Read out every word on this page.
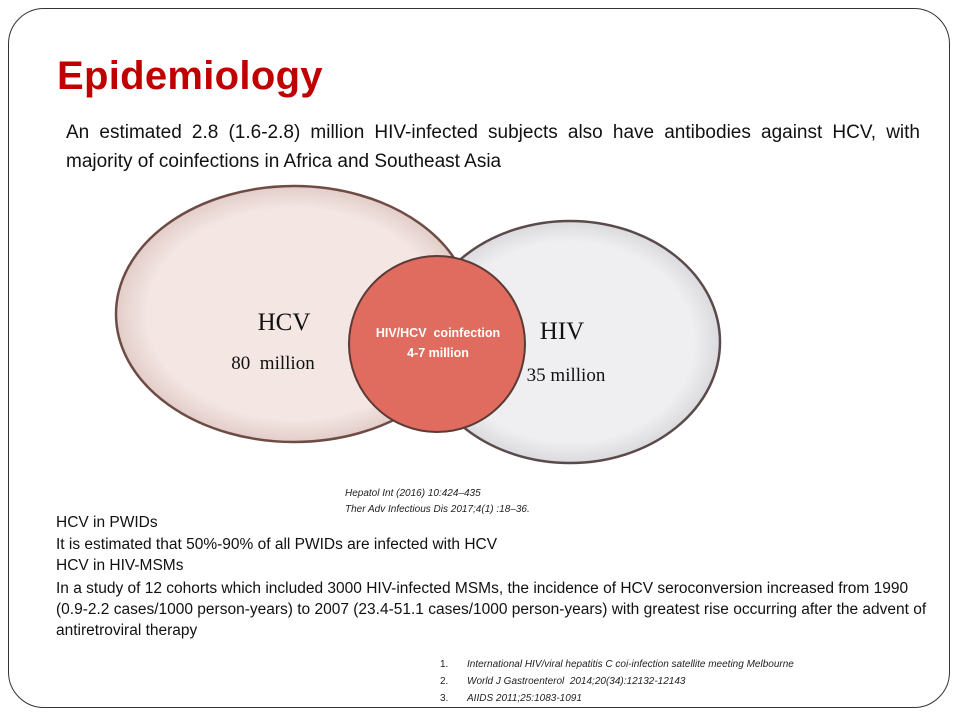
Epidemiology

An estimated 2.8 (1.6-2.8) million HIV-infected subjects also have antibodies against HCV, with majority of coinfections in Africa and Southeast Asia

HCV
80  million
HIV
35 million
HIV/HCV  coinfection
4-7 million
Hepatol Int (2016) 10:424–435
Ther Adv Infectious Dis 2017;4(1) :18–36.
HCV in PWIDs
It is estimated that 50%-90% of all PWIDs are infected with HCV
HCV in HIV-MSMs
In a study of 12 cohorts which included 3000 HIV-infected MSMs, the incidence of HCV seroconversion increased from 1990 (0.9-2.2 cases/1000 person-years) to 2007 (23.4-51.1 cases/1000 person-years) with greatest rise occurring after the advent of antiretroviral therapy
1. International HIV/viral hepatitis C coi-infection satellite meeting Melbourne
2. World J Gastroenterol  2014;20(34):12132-12143
3. AIIDS 2011;25:1083-1091
